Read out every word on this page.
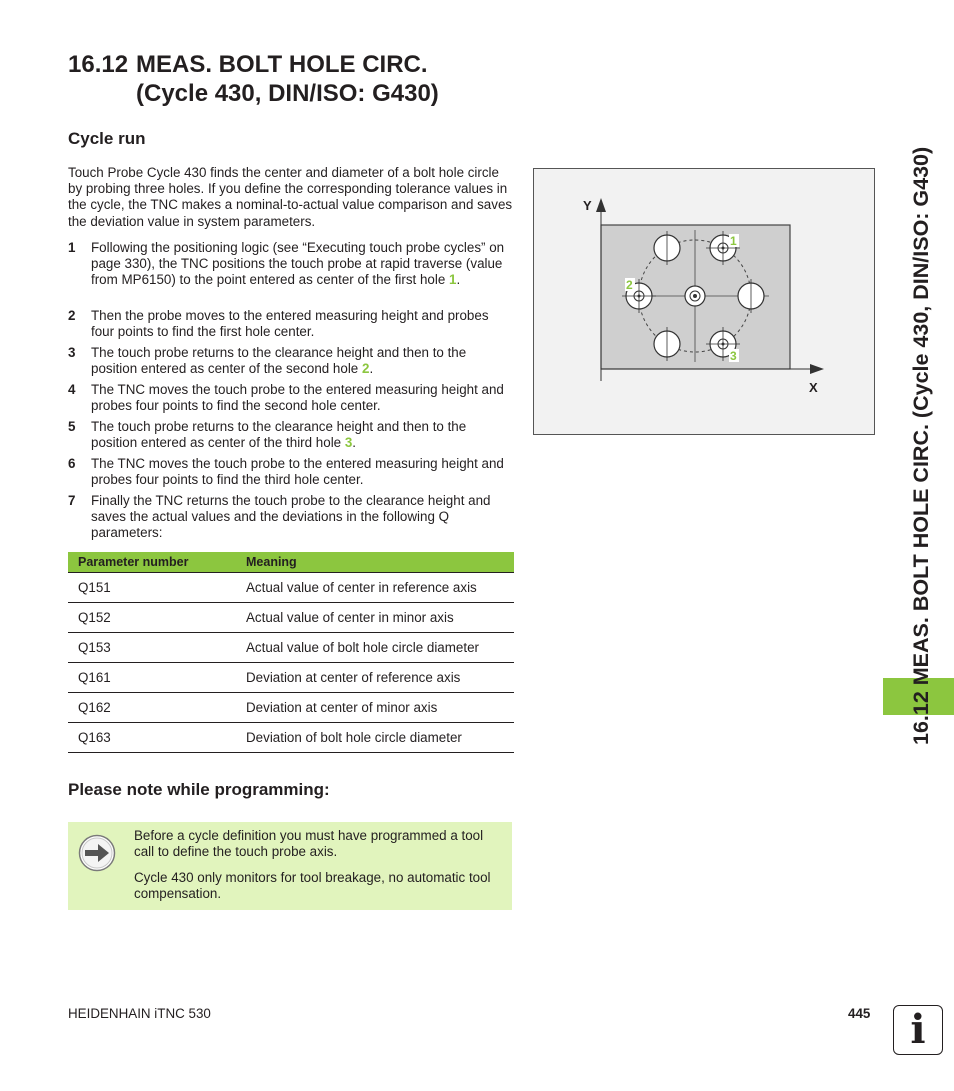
16.12 MEAS. BOLT HOLE CIRC.
(Cycle 430, DIN/ISO: G430)
Cycle run
Touch Probe Cycle 430 finds the center and diameter of a bolt hole circle by probing three holes. If you define the corresponding tolerance values in the cycle, the TNC makes a nominal-to-actual value comparison and saves the deviation value in system parameters.
1 Following the positioning logic (see “Executing touch probe cycles” on page 330), the TNC positions the touch probe at rapid traverse (value from MP6150) to the point entered as center of the first hole 1.
2 Then the probe moves to the entered measuring height and probes four points to find the first hole center.
3 The touch probe returns to the clearance height and then to the position entered as center of the second hole 2.
4 The TNC moves the touch probe to the entered measuring height and probes four points to find the second hole center.
5 The touch probe returns to the clearance height and then to the position entered as center of the third hole 3.
6 The TNC moves the touch probe to the entered measuring height and probes four points to find the third hole center.
7 Finally the TNC returns the touch probe to the clearance height and saves the actual values and the deviations in the following Q parameters:
Parameter number	Meaning
Q151	Actual value of center in reference axis
Q152	Actual value of center in minor axis
Q153	Actual value of bolt hole circle diameter
Q161	Deviation at center of reference axis
Q162	Deviation at center of minor axis
Q163	Deviation of bolt hole circle diameter
Please note while programming:

Before a cycle definition you must have programmed a tool call to define the touch probe axis.

Cycle 430 only monitors for tool breakage, no automatic tool compensation.

Y
X
1
2
3	16.12 MEAS. BOLT HOLE CIRC. (Cycle 430, DIN/ISO: G430)
HEIDENHAIN iTNC 530	445 i
